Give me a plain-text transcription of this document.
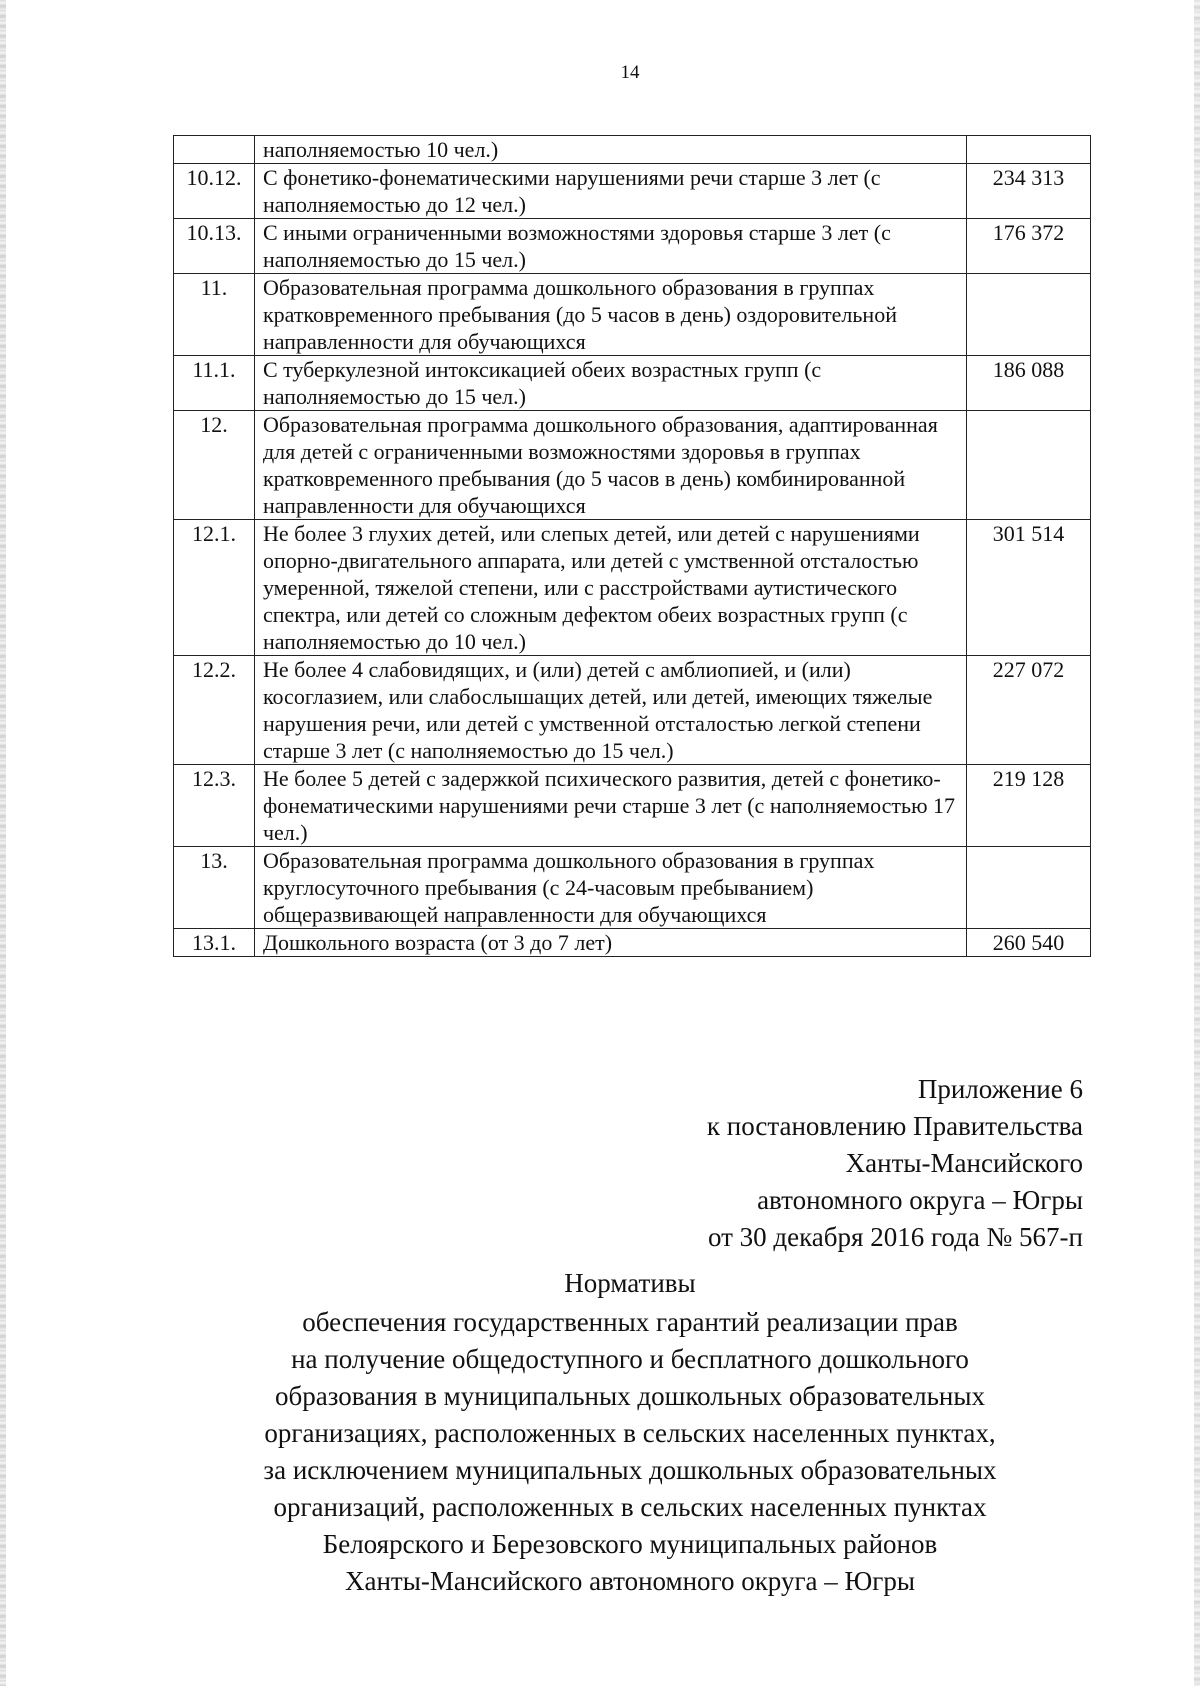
14
	наполняемостью 10 чел.)	
10.12.	С фонетико-фонематическими нарушениями речи старше 3 лет (с наполняемостью до 12 чел.)	234 313
10.13.	С иными ограниченными возможностями здоровья старше 3 лет (с наполняемостью до 15 чел.)	176 372
11.	Образовательная программа дошкольного образования в группах кратковременного пребывания (до 5 часов в день) оздоровительной направленности для обучающихся	
11.1.	С туберкулезной интоксикацией обеих возрастных групп (с наполняемостью до 15 чел.)	186 088
12.	Образовательная программа дошкольного образования, адаптированная для детей с ограниченными возможностями здоровья в группах кратковременного пребывания (до 5 часов в день) комбинированной направленности для обучающихся	
12.1.	Не более 3 глухих детей, или слепых детей, или детей с нарушениями опорно-двигательного аппарата, или детей с умственной отсталостью умеренной, тяжелой степени, или с расстройствами аутистического спектра, или детей со сложным дефектом обеих возрастных групп (с наполняемостью до 10 чел.)	301 514
12.2.	Не более 4 слабовидящих, и (или) детей с амблиопией, и (или) косоглазием, или слабослышащих детей, или детей, имеющих тяжелые нарушения речи, или детей с умственной отсталостью легкой степени старше 3 лет (с наполняемостью до 15 чел.)	227 072
12.3.	Не более 5 детей с задержкой психического развития, детей с фонетико-фонематическими нарушениями речи старше 3 лет (с наполняемостью 17 чел.)	219 128
13.	Образовательная программа дошкольного образования в группах круглосуточного пребывания (с 24-часовым пребыванием) общеразвивающей направленности для обучающихся	
13.1.	Дошкольного возраста (от 3 до 7 лет)	260 540
Приложение 6
к постановлению Правительства
Ханты-Мансийского
автономного округа – Югры
от 30 декабря 2016 года № 567-п
Нормативы
обеспечения государственных гарантий реализации прав
на получение общедоступного и бесплатного дошкольного
образования в муниципальных дошкольных образовательных
организациях, расположенных в сельских населенных пунктах,
за исключением муниципальных дошкольных образовательных
организаций, расположенных в сельских населенных пунктах
Белоярского и Березовского муниципальных районов
Ханты-Мансийского автономного округа – Югры
